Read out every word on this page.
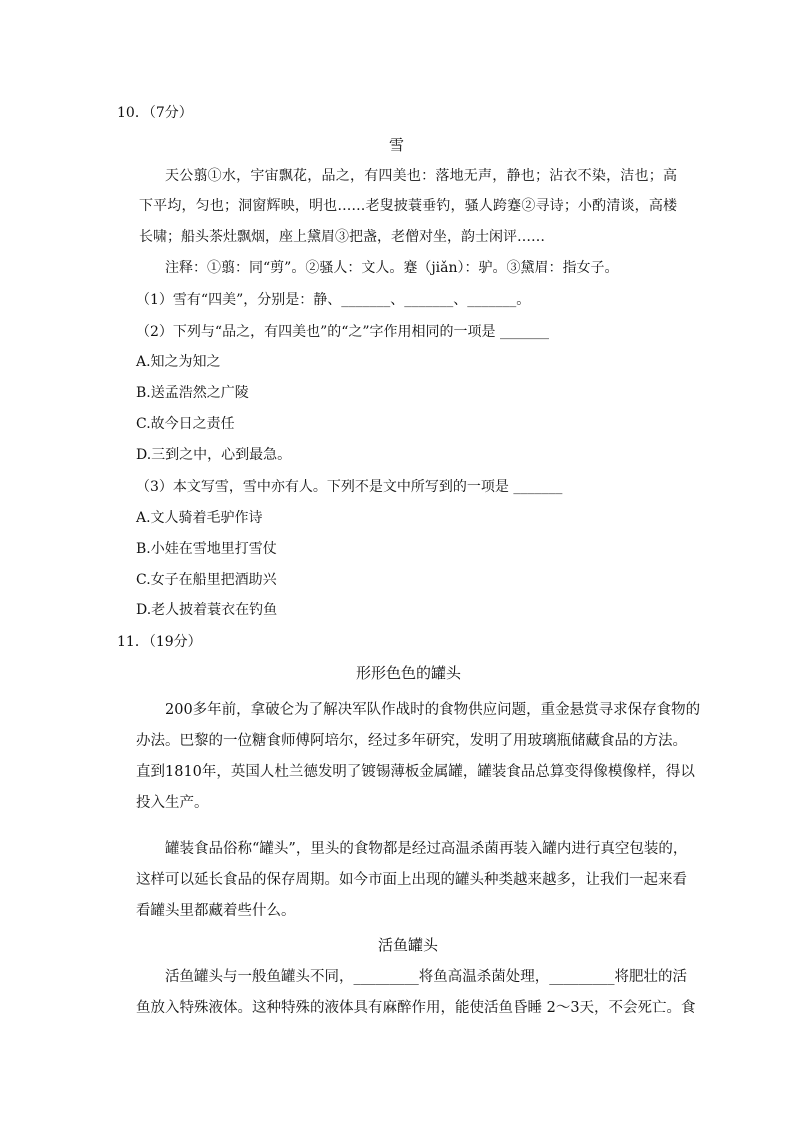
10．（7分）
雪
天公翦①水，宇宙飘花，品之，有四美也：落地无声，静也；沾衣不染，洁也；高
下平均，匀也；洞窗辉映，明也……老叟披蓑垂钓，骚人跨蹇②寻诗；小酌清谈，高楼
长啸；船头茶灶飘烟，座上黛眉③把盏，老僧对坐，韵士闲评……
注释：①翦：同“剪”。②骚人：文人。蹇（jiǎn）：驴。③黛眉：指女子。
（1）雪有“四美”，分别是：静、_______、_______、_______。
（2）下列与“品之，有四美也”的“之”字作用相同的一项是 _______
A.知之为知之
B.送孟浩然之广陵
C.故今日之责任
D.三到之中，心到最急。
（3）本文写雪，雪中亦有人。下列不是文中所写到的一项是 _______
A.文人骑着毛驴作诗
B.小娃在雪地里打雪仗
C.女子在船里把酒助兴
D.老人披着蓑衣在钓鱼
11．（19分）
形形色色的罐头
200多年前，拿破仑为了解决军队作战时的食物供应问题，重金悬赏寻求保存食物的
办法。巴黎的一位糖食师傅阿培尔，经过多年研究，发明了用玻璃瓶储藏食品的方法。
直到1810年，英国人杜兰德发明了镀锡薄板金属罐，罐装食品总算变得像模像样，得以
投入生产。
罐装食品俗称“罐头”，里头的食物都是经过高温杀菌再装入罐内进行真空包装的，
这样可以延长食品的保存周期。如今市面上出现的罐头种类越来越多，让我们一起来看
看罐头里都藏着些什么。
活鱼罐头
活鱼罐头与一般鱼罐头不同，_________将鱼高温杀菌处理，_________将肥壮的活
鱼放入特殊液体。这种特殊的液体具有麻醉作用，能使活鱼昏睡 2～3天，不会死亡。食
